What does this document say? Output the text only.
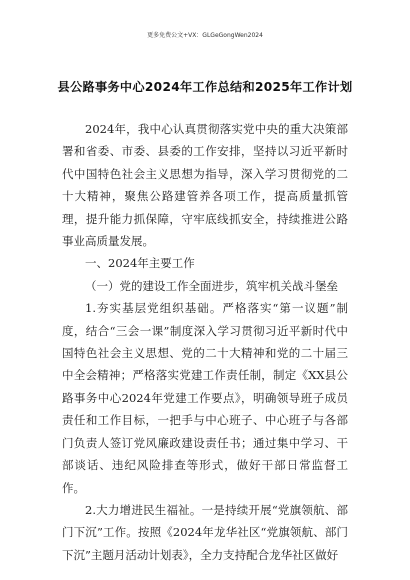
更多免费公文+VX：GLGeGongWen2024
县公路事务中心2024年工作总结和2025年工作计划

2024年，我中心认真贯彻落实党中央的重大决策部署和省委、市委、县委的工作安排，坚持以习近平新时代中国特色社会主义思想为指导，深入学习贯彻党的二十大精神，聚焦公路建管养各项工作，提高质量抓管理，提升能力抓保障，守牢底线抓安全，持续推进公路事业高质量发展。

一、2024年主要工作

（一）党的建设工作全面进步，筑牢机关战斗堡垒

1.夯实基层党组织基础。严格落实“第一议题”制度，结合“三会一课”制度深入学习贯彻习近平新时代中国特色社会主义思想、党的二十大精神和党的二十届三中全会精神；严格落实党建工作责任制，制定《XX县公路事务中心2024年党建工作要点》，明确领导班子成员责任和工作目标，一把手与中心班子、中心班子与各部门负责人签订党风廉政建设责任书；通过集中学习、干部谈话、违纪风险排查等形式，做好干部日常监督工作。

2.大力增进民生福祉。一是持续开展“党旗领航、部门下沉”工作。按照《2024年龙华社区“党旗领航、部门下沉”主题月活动计划表》，全力支持配合龙华社区做好
